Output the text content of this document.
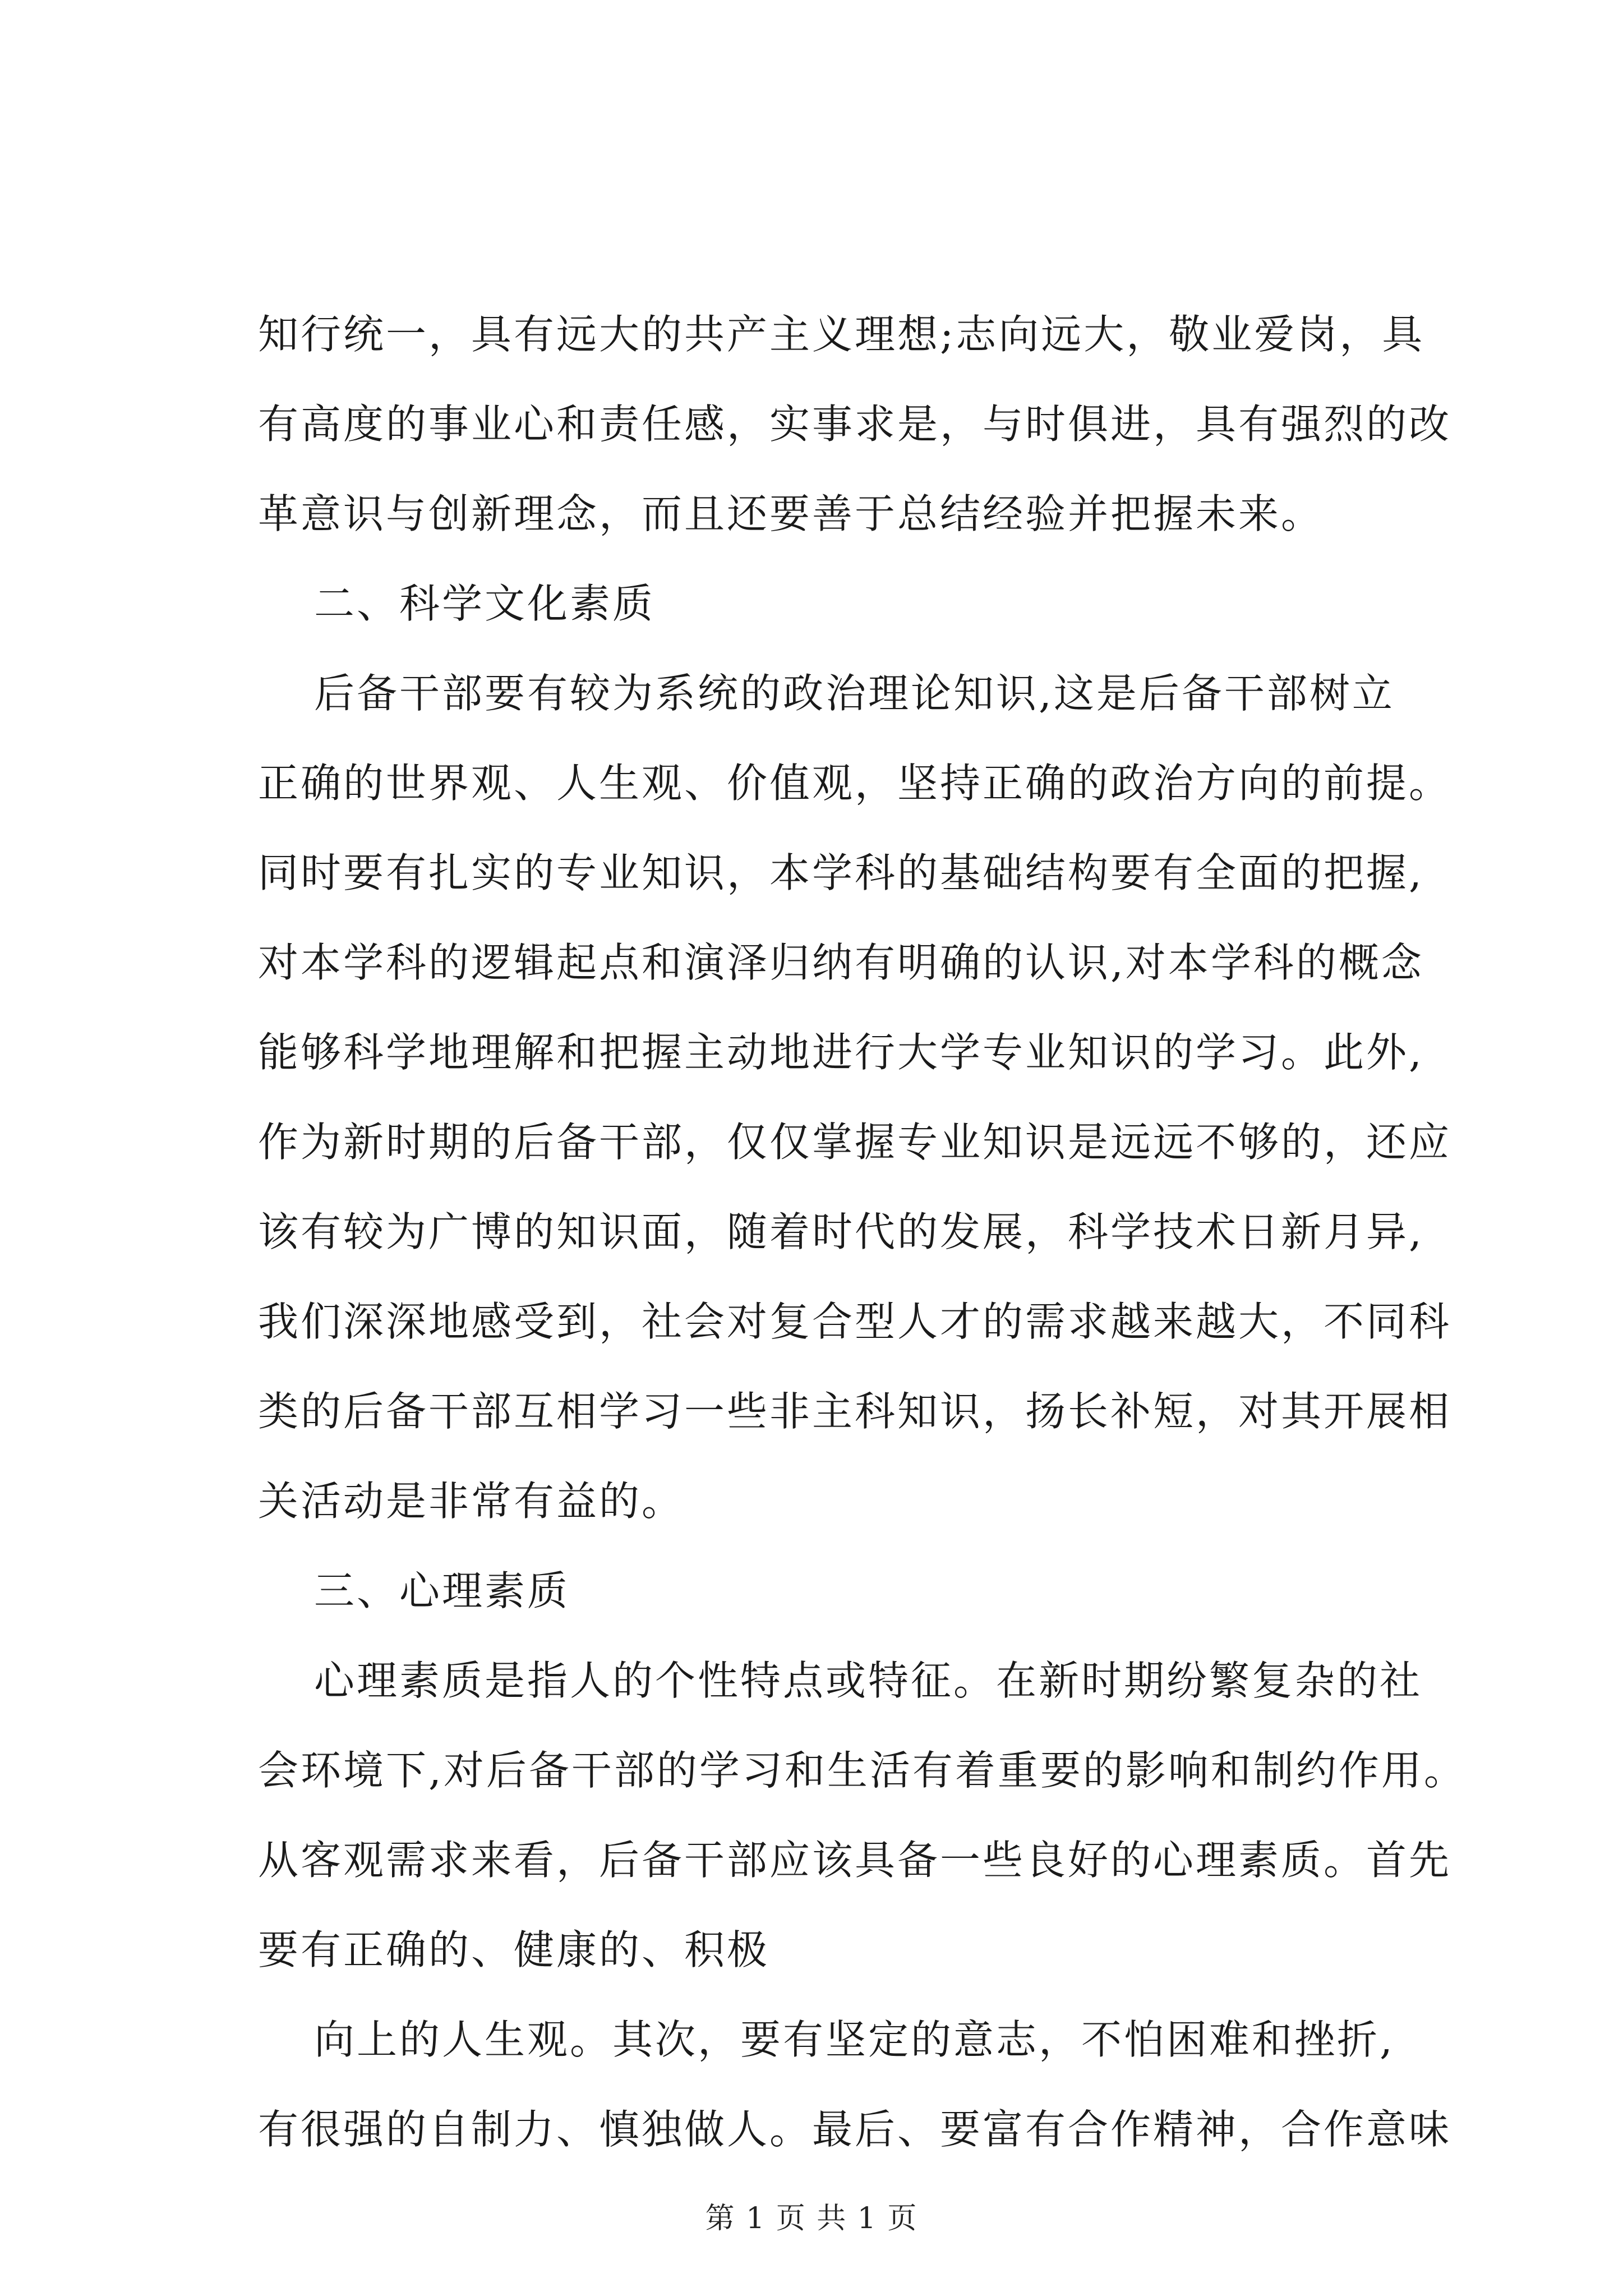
知行统一，具有远大的共产主义理想;志向远大，敬业爱岗，具
有高度的事业心和责任感，实事求是，与时俱进，具有强烈的改
革意识与创新理念，而且还要善于总结经验并把握未来。
二、科学文化素质
后备干部要有较为系统的政治理论知识,这是后备干部树立
正确的世界观、人生观、价值观，坚持正确的政治方向的前提。
同时要有扎实的专业知识，本学科的基础结构要有全面的把握,
对本学科的逻辑起点和演泽归纳有明确的认识,对本学科的概念
能够科学地理解和把握主动地进行大学专业知识的学习。此外,
作为新时期的后备干部，仅仅掌握专业知识是远远不够的，还应
该有较为广博的知识面，随着时代的发展，科学技术日新月异,
我们深深地感受到，社会对复合型人才的需求越来越大，不同科
类的后备干部互相学习一些非主科知识，扬长补短，对其开展相
关活动是非常有益的。
三、心理素质
心理素质是指人的个性特点或特征。在新时期纷繁复杂的社
会环境下,对后备干部的学习和生活有着重要的影响和制约作用。
从客观需求来看，后备干部应该具备一些良好的心理素质。首先
要有正确的、健康的、积极
向上的人生观。其次，要有坚定的意志，不怕困难和挫折,
有很强的自制力、慎独做人。最后、要富有合作精神，合作意味
第 1 页 共 1 页
